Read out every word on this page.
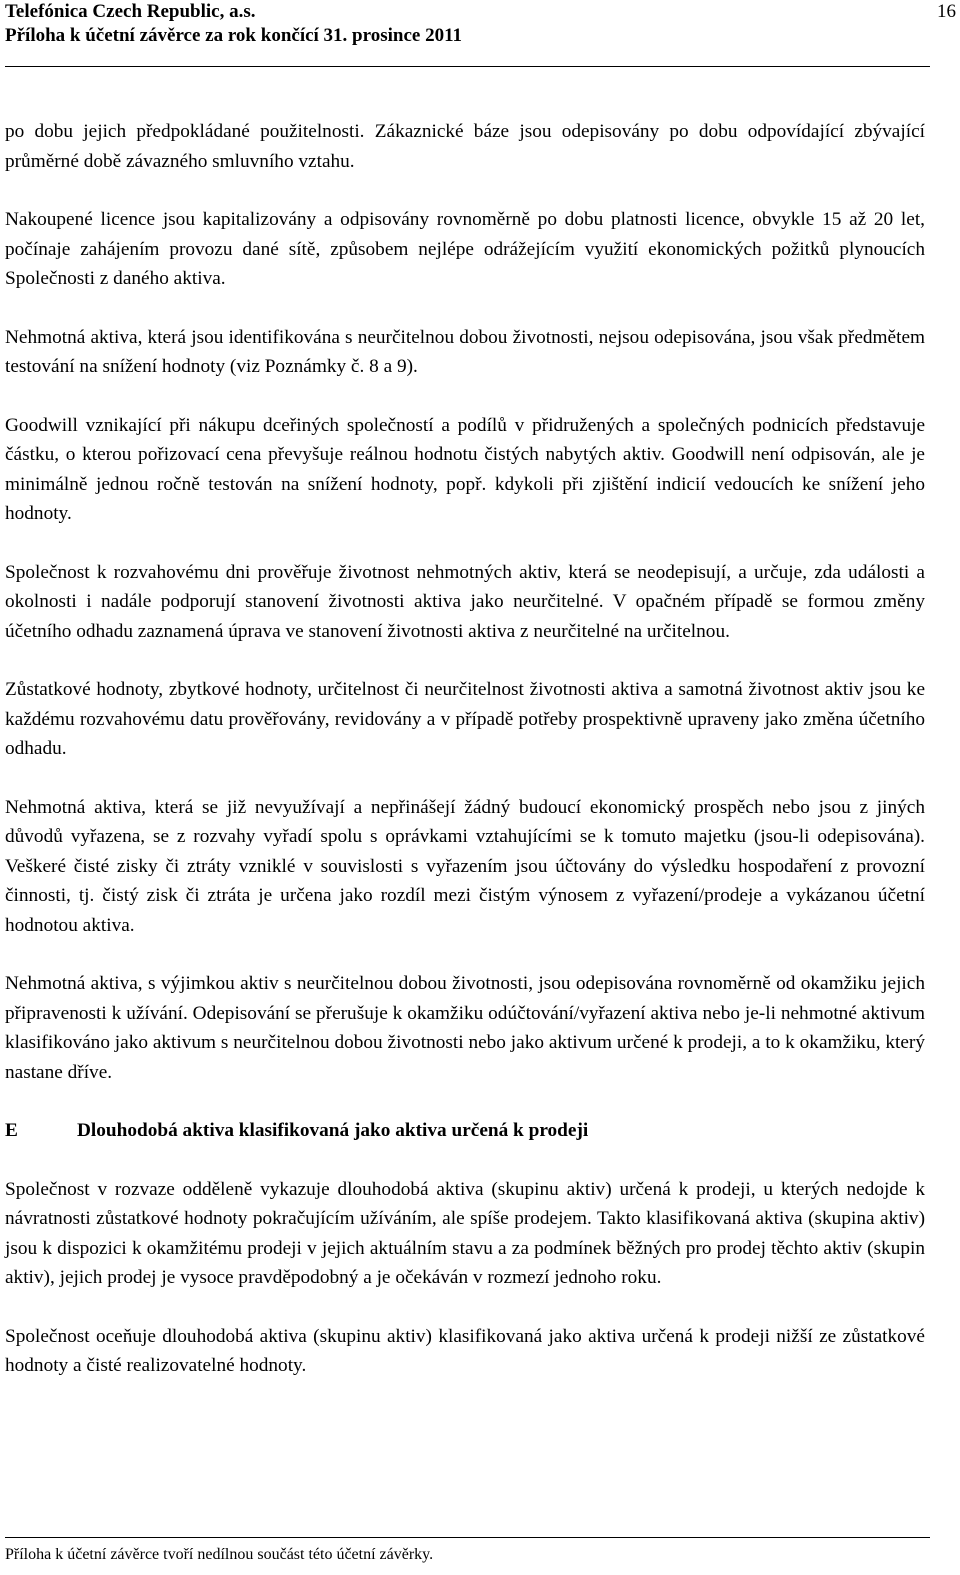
Telefónica Czech Republic, a.s.
Příloha k účetní závěrce za rok končící 31. prosince 2011
16

po dobu jejich předpokládané použitelnosti. Zákaznické báze jsou odepisovány po dobu odpovídající zbývající průměrné době závazného smluvního vztahu.

Nakoupené licence jsou kapitalizovány a odpisovány rovnoměrně po dobu platnosti licence, obvykle 15 až 20 let, počínaje zahájením provozu dané sítě, způsobem nejlépe odrážejícím využití ekonomických požitků plynoucích Společnosti z daného aktiva.

Nehmotná aktiva, která jsou identifikována s neurčitelnou dobou životnosti, nejsou odepisována, jsou však předmětem testování na snížení hodnoty (viz Poznámky č. 8 a 9).

Goodwill vznikající při nákupu dceřiných společností a podílů v přidružených a společných podnicích představuje částku, o kterou pořizovací cena převyšuje reálnou hodnotu čistých nabytých aktiv. Goodwill není odpisován, ale je minimálně jednou ročně testován na snížení hodnoty, popř. kdykoli při zjištění indicií vedoucích ke snížení jeho hodnoty.

Společnost k rozvahovému dni prověřuje životnost nehmotných aktiv, která se neodepisují, a určuje, zda události a okolnosti i nadále podporují stanovení životnosti aktiva jako neurčitelné. V opačném případě se formou změny účetního odhadu zaznamená úprava ve stanovení životnosti aktiva z neurčitelné na určitelnou.

Zůstatkové hodnoty, zbytkové hodnoty, určitelnost či neurčitelnost životnosti aktiva a samotná životnost aktiv jsou ke každému rozvahovému datu prověřovány, revidovány a v případě potřeby prospektivně upraveny jako změna účetního odhadu.

Nehmotná aktiva, která se již nevyužívají a nepřinášejí žádný budoucí ekonomický prospěch nebo jsou z jiných důvodů vyřazena, se z rozvahy vyřadí spolu s oprávkami vztahujícími se k tomuto majetku (jsou-li odepisována). Veškeré čisté zisky či ztráty vzniklé v souvislosti s vyřazením jsou účtovány do výsledku hospodaření z provozní činnosti, tj. čistý zisk či ztráta je určena jako rozdíl mezi čistým výnosem z vyřazení/prodeje a vykázanou účetní hodnotou aktiva.

Nehmotná aktiva, s výjimkou aktiv s neurčitelnou dobou životnosti, jsou odepisována rovnoměrně od okamžiku jejich připravenosti k užívání. Odepisování se přerušuje k okamžiku odúčtování/vyřazení aktiva nebo je-li nehmotné aktivum klasifikováno jako aktivum s neurčitelnou dobou životnosti nebo jako aktivum určené k prodeji, a to k okamžiku, který nastane dříve.

E	Dlouhodobá aktiva klasifikovaná jako aktiva určená k prodeji

Společnost v rozvaze odděleně vykazuje dlouhodobá aktiva (skupinu aktiv) určená k prodeji, u kterých nedojde k návratnosti zůstatkové hodnoty pokračujícím užíváním, ale spíše prodejem. Takto klasifikovaná aktiva (skupina aktiv) jsou k dispozici k okamžitému prodeji v jejich aktuálním stavu a za podmínek běžných pro prodej těchto aktiv (skupin aktiv), jejich prodej je vysoce pravděpodobný a je očekáván v rozmezí jednoho roku.

Společnost oceňuje dlouhodobá aktiva (skupinu aktiv) klasifikovaná jako aktiva určená k prodeji nižší ze zůstatkové hodnoty a čisté realizovatelné hodnoty.

Příloha k účetní závěrce tvoří nedílnou součást této účetní závěrky.
